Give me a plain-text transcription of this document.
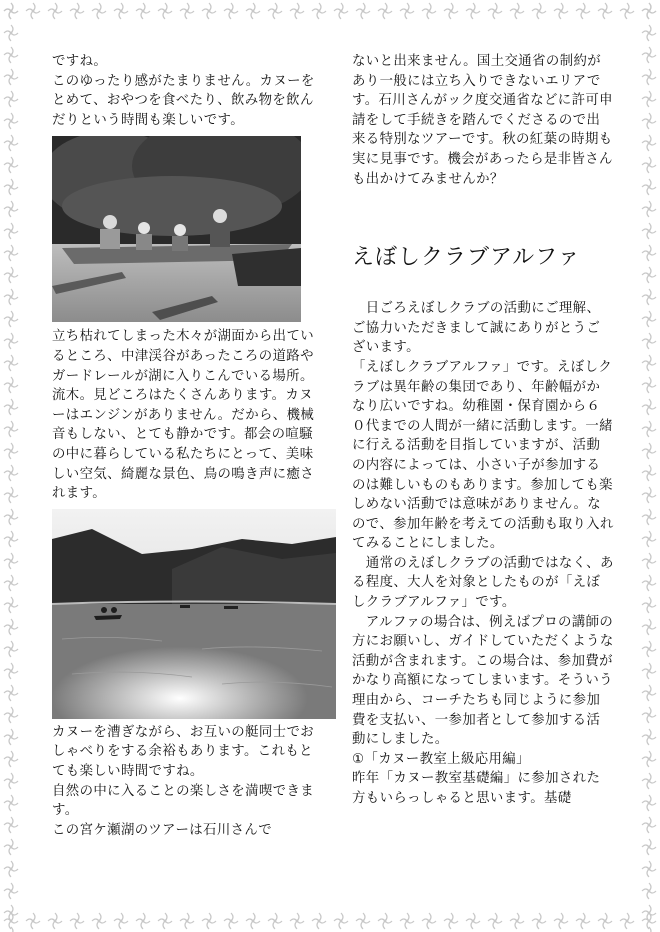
ですね。
このゆったり感がたまりません。カヌーをとめて、おやつを食べたり、飲み物を飲んだりという時間も楽しいです。

立ち枯れてしまった木々が湖面から出ているところ、中津渓谷があったころの道路やガードレールが湖に入りこんでいる場所。流木。見どころはたくさんあります。カヌーはエンジンがありません。だから、機械音もしない、とても静かです。都会の喧騒の中に暮らしている私たちにとって、美味しい空気、綺麗な景色、鳥の鳴き声に癒されます。

カヌーを漕ぎながら、お互いの艇同士でおしゃべりをする余裕もあります。これもとても楽しい時間ですね。
自然の中に入ることの楽しさを満喫できます。
この宮ケ瀬湖のツアーは石川さんで

ないと出来ません。国土交通省の制約があり一般には立ち入りできないエリアです。石川さんがック度交通省などに許可申請をして手続きを踏んでくださるので出来る特別なツアーです。秋の紅葉の時期も実に見事です。機会があったら是非皆さんも出かけてみませんか？

えぼしクラブアルファ

　日ごろえぼしクラブの活動にご理解、ご協力いただきまして誠にありがとうございます。
「えぼしクラブアルファ」です。えぼしクラブは異年齢の集団であり、年齢幅がかなり広いですね。幼稚園・保育園から６０代までの人間が一緒に活動します。一緒に行える活動を目指していますが、活動の内容によっては、小さい子が参加するのは難しいものもあります。参加しても楽しめない活動では意味がありません。なので、参加年齢を考えての活動も取り入れてみることにしました。

　通常のえぼしクラブの活動ではなく、ある程度、大人を対象としたものが「えぼしクラブアルファ」です。

　アルファの場合は、例えばプロの講師の方にお願いし、ガイドしていただくような活動が含まれます。この場合は、参加費がかなり高額になってしまいます。そういう理由から、コーチたちも同じように参加費を支払い、一参加者として参加する活動にしました。
①「カヌー教室上級応用編」
昨年「カヌー教室基礎編」に参加された方もいらっしゃると思います。基礎
